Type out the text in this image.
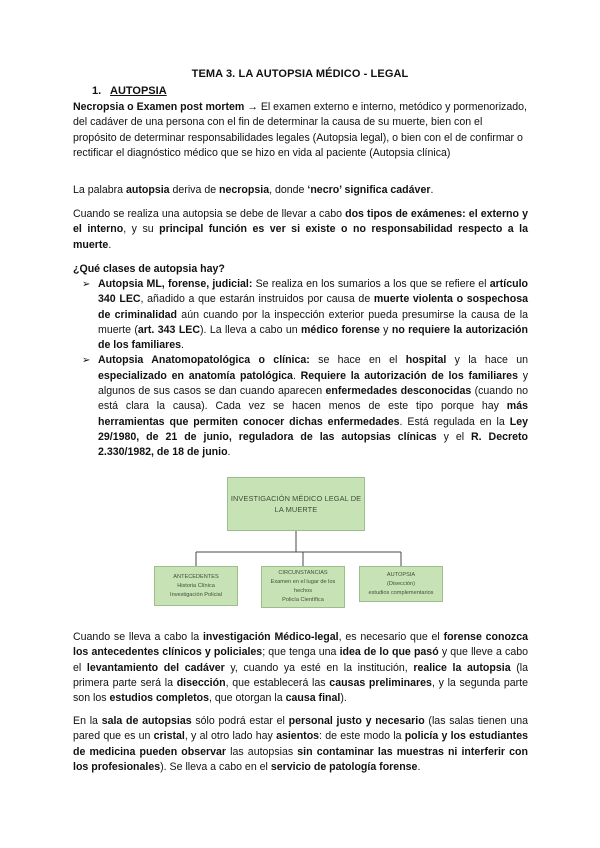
TEMA 3. LA AUTOPSIA MÉDICO - LEGAL
1. AUTOPSIA

Necropsia o Examen post mortem → El examen externo e interno, metódico y pormenorizado, del cadáver de una persona con el fin de determinar la causa de su muerte, bien con el propósito de determinar responsabilidades legales (Autopsia legal), o bien con el de confirmar o rectificar el diagnóstico médico que se hizo en vida al paciente (Autopsia clínica)

La palabra autopsia deriva de necropsia, donde ‘necro’ significa cadáver.

Cuando se realiza una autopsia se debe de llevar a cabo dos tipos de exámenes: el externo y el interno, y su principal función es ver si existe o no responsabilidad respecto a la muerte.

¿Qué clases de autopsia hay?

➢ Autopsia ML, forense, judicial: Se realiza en los sumarios a los que se refiere el artículo 340 LEC, añadido a que estarán instruidos por causa de muerte violenta o sospechosa de criminalidad aún cuando por la inspección exterior pueda presumirse la causa de la muerte (art. 343 LEC). La lleva a cabo un médico forense y no requiere la autorización de los familiares.
➢ Autopsia Anatomopatológica o clínica: se hace en el hospital y la hace un especializado en anatomía patológica. Requiere la autorización de los familiares y algunos de sus casos se dan cuando aparecen enfermedades desconocidas (cuando no está clara la causa). Cada vez se hacen menos de este tipo porque hay más herramientas que permiten conocer dichas enfermedades. Está regulada en la Ley 29/1980, de 21 de junio, reguladora de las autopsias clínicas y el R. Decreto 2.330/1982, de 18 de junio.
INVESTIGACIÓN MÉDICO LEGAL DE
LA MUERTE
ANTECEDENTES
Historia Clínica
Investigación Policial
CIRCUNSTANCIAS
Examen en el lugar de los
hechos
Policía Científica
AUTOPSIA
(Disección)
estudios complementarios

Cuando se lleva a cabo la investigación Médico-legal, es necesario que el forense conozca los antecedentes clínicos y policiales; que tenga una idea de lo que pasó y que lleve a cabo el levantamiento del cadáver y, cuando ya esté en la institución, realice la autopsia (la primera parte será la disección, que establecerá las causas preliminares, y la segunda parte son los estudios completos, que otorgan la causa final).

En la sala de autopsias sólo podrá estar el personal justo y necesario (las salas tienen una pared que es un cristal, y al otro lado hay asientos: de este modo la policía y los estudiantes de medicina pueden observar las autopsias sin contaminar las muestras ni interferir con los profesionales). Se lleva a cabo en el servicio de patología forense.
